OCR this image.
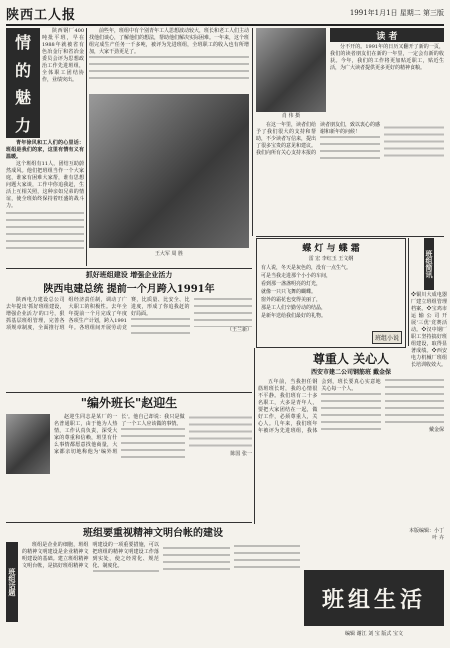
陕西工人报	1991年1月1日 星期二 第三版
情
的
魅
力

陕西钢厂400吨批平班，早在1988年就被省有色冶金厅和省冶金委员会评为思想政治工作先进班组，全体职工团结协作，业绩突出。

青年徐风和工人们的心里话：班组是我们的家，这里有情有义有温暖。

这个班组有11人，团结互助蔚然成风。他们把班组当作一个大家庭，谁家有困难大家帮，谁有思想问题大家谈，工作中你追我赶，生活上互相关照，这种亲如兄弟的情谊，使全班始终保持着旺盛的战斗力。

前些年，班组中有个别青年工人思想波动较大，班长和老工人们主动找他们谈心，了解他们的想法，帮助他们解决实际困难。一年来，这个班组完成生产任务一千多吨，被评为先进班组，全班职工的收入也有所增加，大家干劲更足了。

王大军 周 胜
肖 伟 摄
读 者

分不开的。1991年的日历又翻开了新的一页，我们的读者朋友们在新的一年里，一定会有新的收获。今年，我们的工作将更加贴近职工，贴近生活，为广大读者提供更多更好的精神食粮。

在这一年里，读者们给予了我们很大的支持和帮助，不少读者写信来，提出了很多宝贵的意见和建议。我们向所有关心支持本报的读者朋友们，致以衷心的感谢和新年的问候！

蝶 灯 与 蝶 霜

雷 宏 李红玉 王文纲

有人说，冬天是灰色的，没有一点生气。
可是当我走进那个小小的车间，
看到那一盏盏明亮的灯光，
就像一只只飞舞的蝴蝶。
窗外的霜花也变得美丽了，
那是工人们辛勤劳动的结晶，
是新年送给我们最好的礼物。
班组小说
班组简讯

❖铜川大成电器厂建立班组管理档案。❖宝鸡市运输公司开展'三优'竞赛活动。❖汉中钢厂职工坚持搞好班组建设，取得显著成绩。❖西安电力机械厂班组长培训收效大。

抓好班组建设 增强企业活力

陕西电建总统 提前一个月跨入1991年

陕西电力建设总公司去年提出'抓好班组建设，增强企业活力'的口号，狠抓基层班组管理，完善各项规章制度，全面推行班组经济责任制，调动了广大职工的积极性。去年全年提前一个月完成了年度各项生产计划，跨入1991年。各班组间开展劳动竞赛，比质量、比安全、比进度，形成了你追我赶的好局面。

（王兰新）

"编外班长"赵迎生

赵迎生同志是某厂的一名普通职工，由于他为人热情，工作认真负责，深受大家的尊重和信赖，班里有什么事情都愿意找他商量，大家都亲切地称他为'编外班长'。他自己却说：我只是做了一个工人应该做的事情。

陈国 张一

班组要重视精神文明台帐的建设

班组话题

班组是企业的细胞，班组的精神文明建设是企业精神文明建设的基础。建立班组精神文明台帐，是搞好班组精神文明建设的一项重要措施，可以把班组的精神文明建设工作落到实处，使之经常化、规范化、制度化。

尊重人 关心人

西安市建二公司钢筋班 戴金保

五年前，当我担任钢筋班班长时，我的心情很不平静。我们班有二十多名职工，大多是青年人，要把大家团结在一起，做好工作，必须尊重人，关心人。几年来，我们班年年被评为先进班组，我体会到，班长要真心实意地关心每一个人。

戴金保

本版编辑：小丁

叶 卉

班组生活
编辑 谢江 刘 宝 版式 宝文
